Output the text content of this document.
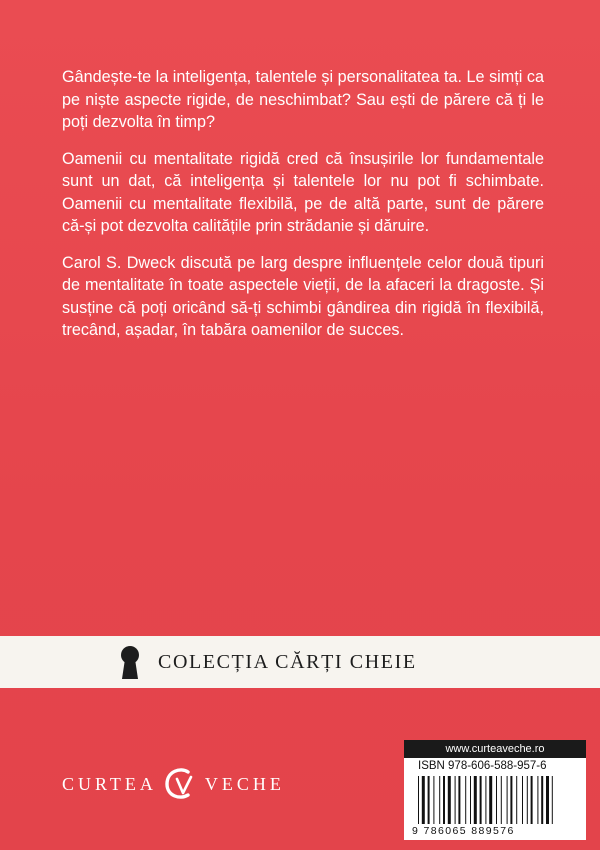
Gândește-te la inteligența, talentele și personalitatea ta. Le simți ca pe niște aspecte rigide, de neschimbat? Sau ești de părere că ți le poți dezvolta în timp?

Oamenii cu mentalitate rigidă cred că însușirile lor fundamentale sunt un dat, că inteligența și talentele lor nu pot fi schimbate. Oamenii cu mentalitate flexibilă, pe de altă parte, sunt de părere că-și pot dezvolta calitățile prin strădanie și dăruire.

Carol S. Dweck discută pe larg despre influențele celor două tipuri de mentalitate în toate aspectele vieții, de la afaceri la dragoste. Și susține că poți oricând să-ți schimbi gândirea din rigidă în flexibilă, trecând, așadar, în tabăra oamenilor de succes.

COLECȚIA CĂRȚI CHEIE
CURTEA	VECHE
www.curteaveche.ro
ISBN 978-606-588-957-6
9 786065 889576
